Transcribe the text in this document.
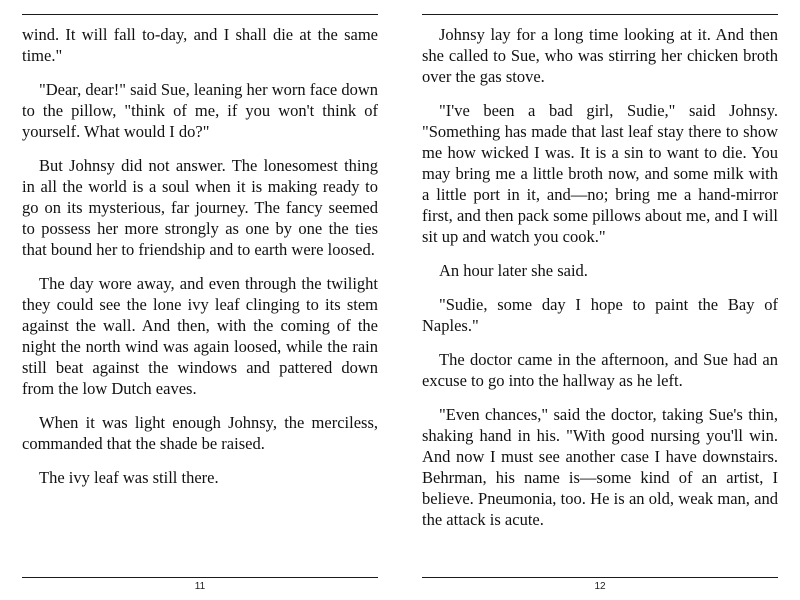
wind. It will fall to-day, and I shall die at the same time."

"Dear, dear!" said Sue, leaning her worn face down to the pillow, "think of me, if you won't think of yourself. What would I do?"

But Johnsy did not answer. The lonesomest thing in all the world is a soul when it is making ready to go on its mysterious, far journey. The fancy seemed to possess her more strongly as one by one the ties that bound her to friendship and to earth were loosed.

The day wore away, and even through the twilight they could see the lone ivy leaf clinging to its stem against the wall. And then, with the coming of the night the north wind was again loosed, while the rain still beat against the windows and pattered down from the low Dutch eaves.

When it was light enough Johnsy, the merciless, commanded that the shade be raised.

The ivy leaf was still there.

11

Johnsy lay for a long time looking at it. And then she called to Sue, who was stirring her chicken broth over the gas stove.

"I've been a bad girl, Sudie," said Johnsy. "Something has made that last leaf stay there to show me how wicked I was. It is a sin to want to die. You may bring me a little broth now, and some milk with a little port in it, and—no; bring me a hand-mirror first, and then pack some pillows about me, and I will sit up and watch you cook."

An hour later she said.

"Sudie, some day I hope to paint the Bay of Naples."

The doctor came in the afternoon, and Sue had an excuse to go into the hallway as he left.

"Even chances," said the doctor, taking Sue's thin, shaking hand in his. "With good nursing you'll win. And now I must see another case I have downstairs. Behrman, his name is—some kind of an artist, I believe. Pneumonia, too. He is an old, weak man, and the attack is acute.

12
